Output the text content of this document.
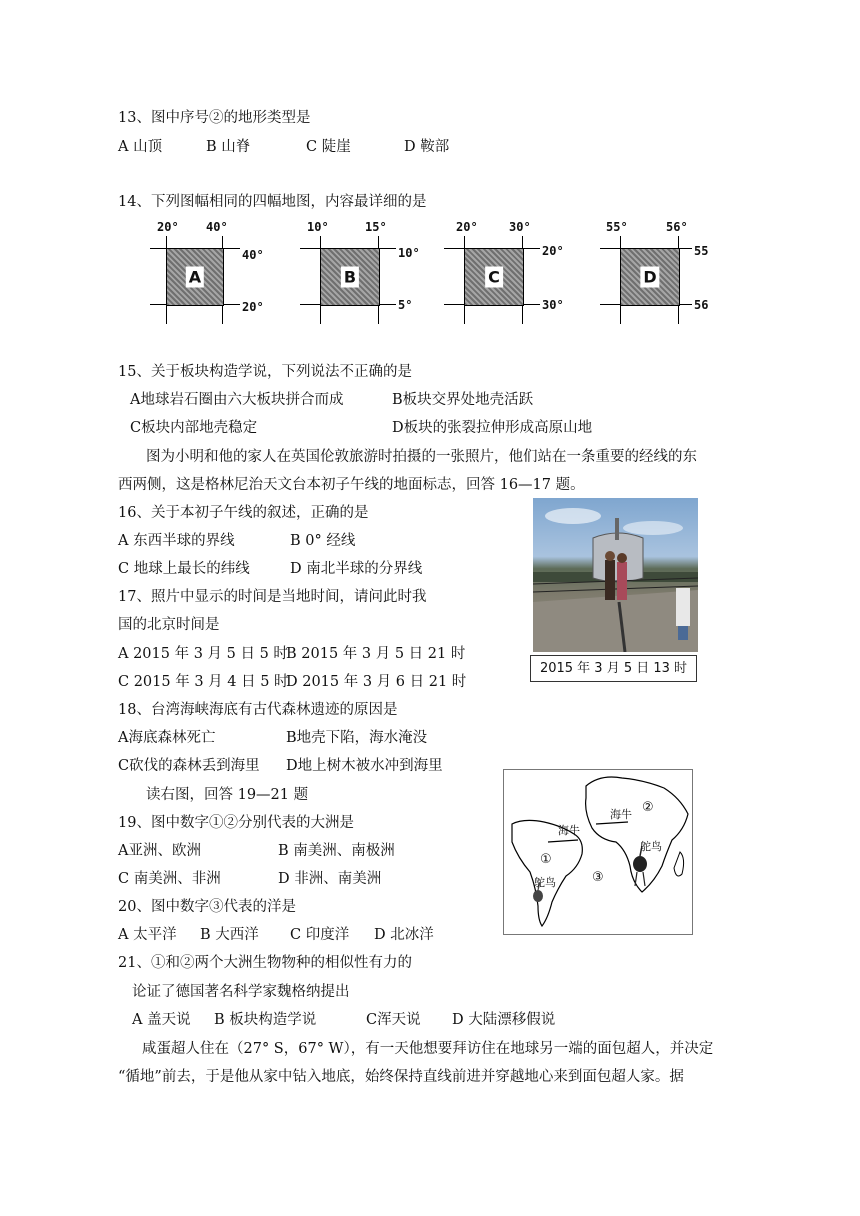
13、图中序号②的地形类型是
A 山顶	B 山脊	C 陡崖	D 鞍部
14、下列图幅相同的四幅地图，内容最详细的是
20° 40°
A
40°
20°
10°	15°
B
10°
5°
20°	30°
C
20°
30°
55°	56°
D
55
56
15、关于板块构造学说，下列说法不正确的是
A地球岩石圈由六大板块拼合而成	B板块交界处地壳活跃
C板块内部地壳稳定	D板块的张裂拉伸形成高原山地
图为小明和他的家人在英国伦敦旅游时拍摄的一张照片，他们站在一条重要的经线的东
西两侧，这是格林尼治天文台本初子午线的地面标志，回答 16—17 题。
16、关于本初子午线的叙述，正确的是
A 东西半球的界线	B 0° 经线
C 地球上最长的纬线	D 南北半球的分界线
17、照片中显示的时间是当地时间，请问此时我
国的北京时间是
A 2015 年 3 月 5 日 5 时
B 2015 年 3 月 5 日 21 时
C 2015 年 3 月 4 日 5 时
D 2015 年 3 月 6 日 21 时
2015 年 3 月 5 日 13 时
18、台湾海峡海底有古代森林遗迹的原因是
A海底森林死亡	B地壳下陷，海水淹没
C砍伐的森林丢到海里 D地上树木被水冲到海里
读右图，回答 19—21 题
19、图中数字①②分别代表的大洲是
A亚洲、欧洲	B 南美洲、南极洲
C 南美洲、非洲	D 非洲、南美洲
20、图中数字③代表的洋是
A 太平洋 B 大西洋 C 印度洋 D 北冰洋
海牛
海牛
鸵鸟
鸵鸟
①
②
③
21、①和②两个大洲生物物种的相似性有力的
论证了德国著名科学家魏格纳提出
A 盖天说 B 板块构造学说	C浑天说 D 大陆漂移假说
咸蛋超人住在（27° S，67° W），有一天他想要拜访住在地球另一端的面包超人，并决定
“循地”前去，于是他从家中钻入地底，始终保持直线前进并穿越地心来到面包超人家。据
